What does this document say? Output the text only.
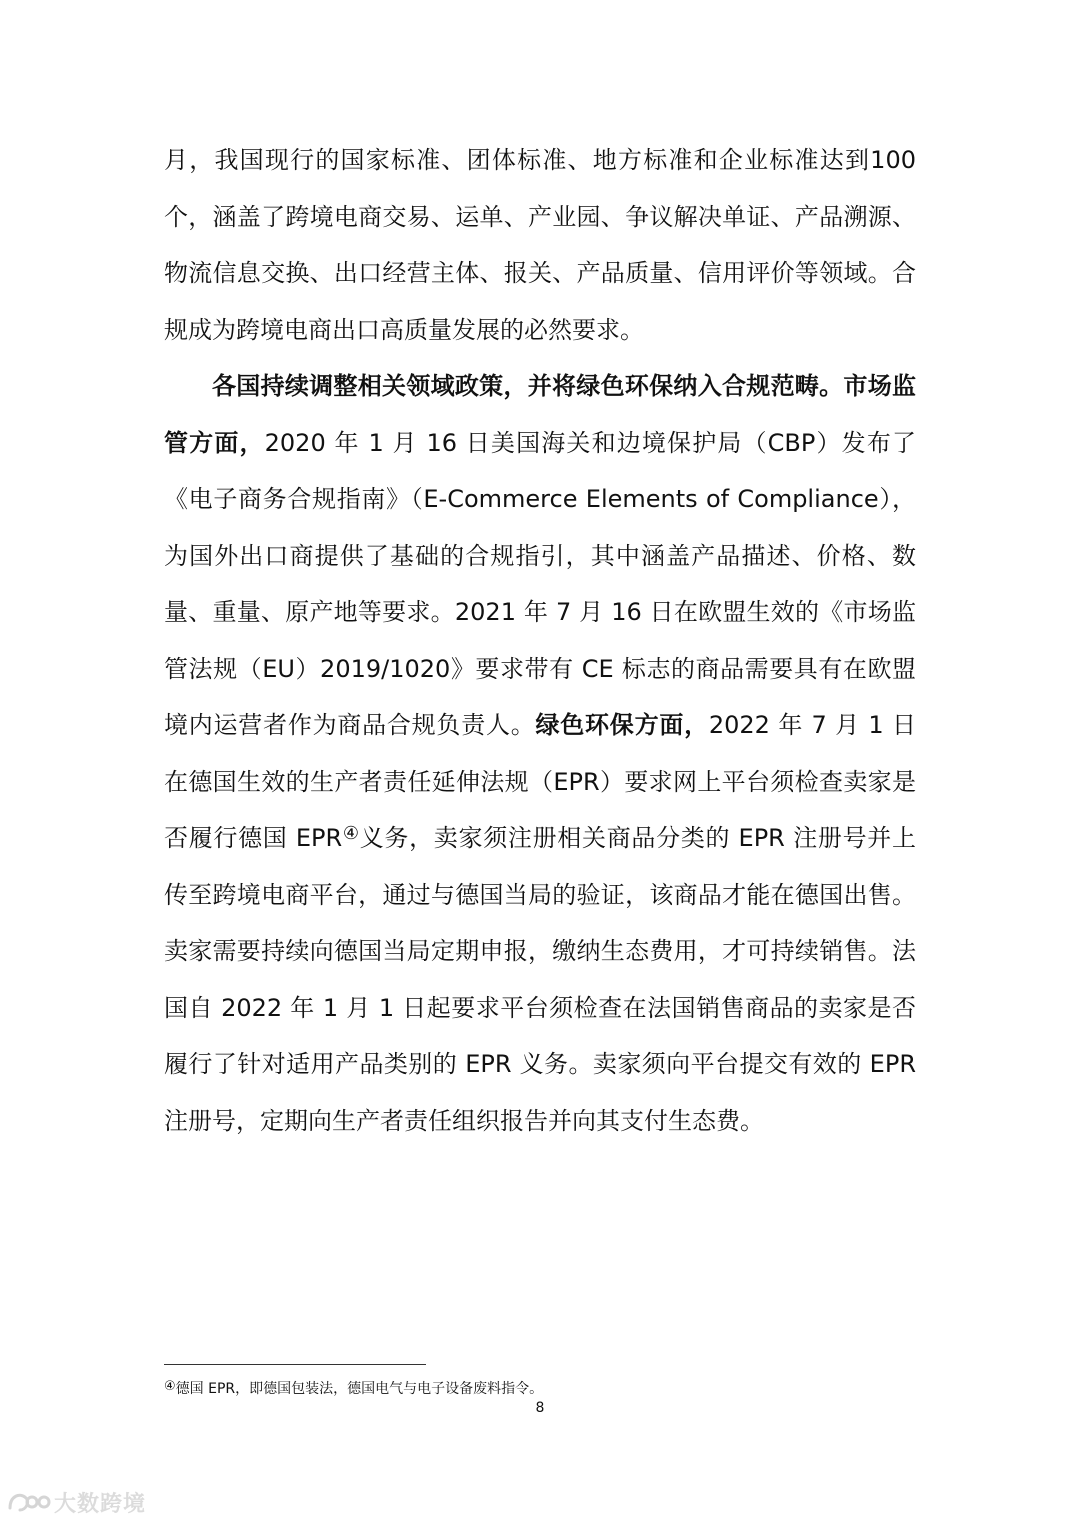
月，我国现行的国家标准、团体标准、地方标准和企业标准达到100个，涵盖了跨境电商交易、运单、产业园、争议解决单证、产品溯源、物流信息交换、出口经营主体、报关、产品质量、信用评价等领域。合规成为跨境电商出口高质量发展的必然要求。

各国持续调整相关领域政策，并将绿色环保纳入合规范畴。市场监管方面，2020 年 1 月 16 日美国海关和边境保护局（CBP）发布了《电子商务合规指南》（E-Commerce Elements of Compliance），为国外出口商提供了基础的合规指引，其中涵盖产品描述、价格、数量、重量、原产地等要求。2021 年 7 月 16 日在欧盟生效的《市场监管法规（EU）2019/1020》要求带有 CE 标志的商品需要具有在欧盟境内运营者作为商品合规负责人。绿色环保方面，2022 年 7 月 1 日在德国生效的生产者责任延伸法规（EPR）要求网上平台须检查卖家是否履行德国 EPR④义务，卖家须注册相关商品分类的 EPR 注册号并上传至跨境电商平台，通过与德国当局的验证，该商品才能在德国出售。卖家需要持续向德国当局定期申报，缴纳生态费用，才可持续销售。法国自 2022 年 1 月 1 日起要求平台须检查在法国销售商品的卖家是否履行了针对适用产品类别的 EPR 义务。卖家须向平台提交有效的 EPR 注册号，定期向生产者责任组织报告并向其支付生态费。

④德国 EPR，即德国包装法，德国电气与电子设备废料指令。
8
大数跨境
